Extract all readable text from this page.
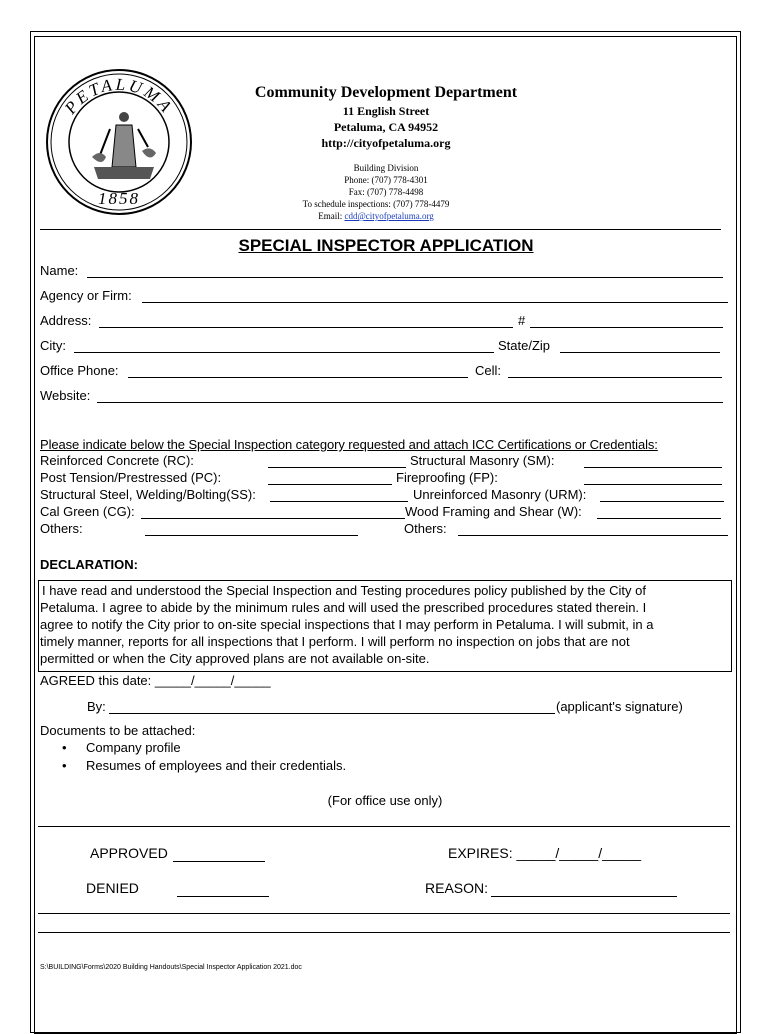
PETALUMA
1858
Community Development Department
11 English Street
Petaluma, CA 94952
http://cityofpetaluma.org
Building Division
Phone: (707) 778-4301
Fax: (707) 778-4498
To schedule inspections: (707) 778-4479
Email: cdd@cityofpetaluma.org
SPECIAL INSPECTOR APPLICATION
Name:
Agency or Firm:
Address:	#
City:	State/Zip
Office Phone:	Cell:
Website:
Please indicate below the Special Inspection category requested and attach ICC Certifications or Credentials:
Reinforced Concrete (RC):	Structural Masonry (SM):
Post Tension/Prestressed (PC):	Fireproofing (FP):
Structural Steel, Welding/Bolting(SS):	Unreinforced Masonry (URM):
Cal Green (CG):	Wood Framing and Shear (W):
Others:	Others:
DECLARATION:
I have read and understood the Special Inspection and Testing procedures policy published by the City of
Petaluma. I agree to abide by the minimum rules and will used the prescribed procedures stated therein. I
agree to notify the City prior to on-site special inspections that I may perform in Petaluma. I will submit, in a
timely manner, reports for all inspections that I perform. I will perform no inspection on jobs that are not
permitted or when the City approved plans are not available on-site.
AGREED this date: _____/_____/_____
By:	(applicant's signature)
Documents to be attached:
• Company profile
• Resumes of employees and their credentials.
(For office use only)
APPROVED	EXPIRES: _____/_____/_____
DENIED	REASON:
S:\BUILDING\Forms\2020 Building Handouts\Special Inspector Application 2021.doc
